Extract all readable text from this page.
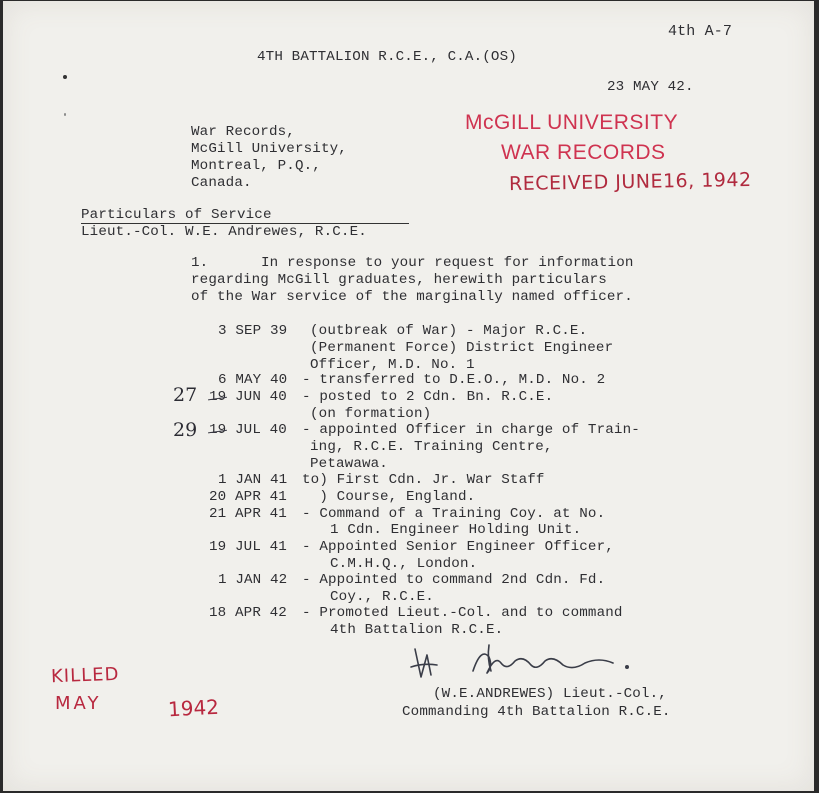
4th A-7
4TH BATTALION R.C.E., C.A.(OS)
23 MAY 42.
War Records,
McGill University,
Montreal, P.Q.,
Canada.
McGILL UNIVERSITY
WAR RECORDS
RECEIVED JUNE16, 1942
Particulars of Service
Lieut.-Col. W.E. Andrewes, R.C.E.
1.	In response to your request for information
regarding McGill graduates, herewith particulars
of the War service of the marginally named officer.
3 SEP 39 (outbreak of War) - Major R.C.E.
(Permanent Force) District Engineer
Officer, M.D. No. 1
6 MAY 40 - transferred to D.E.O., M.D. No. 2
27 19 JUN 40 - posted to 2 Cdn. Bn. R.C.E.
(on formation)
29 19 JUL 40 - appointed Officer in charge of Train-
ing, R.C.E. Training Centre,
Petawawa.
1 JAN 41 to) First Cdn. Jr. War Staff
20 APR 41 ) Course, England.
21 APR 41 - Command of a Training Coy. at No.
1 Cdn. Engineer Holding Unit.
19 JUL 41 - Appointed Senior Engineer Officer,
C.M.H.Q., London.
1 JAN 42 - Appointed to command 2nd Cdn. Fd.
Coy., R.C.E.
18 APR 42 - Promoted Lieut.-Col. and to command
4th Battalion R.C.E.
(W.E.ANDREWES) Lieut.-Col.,
Commanding 4th Battalion R.C.E.
KILLED
MAY	1942
